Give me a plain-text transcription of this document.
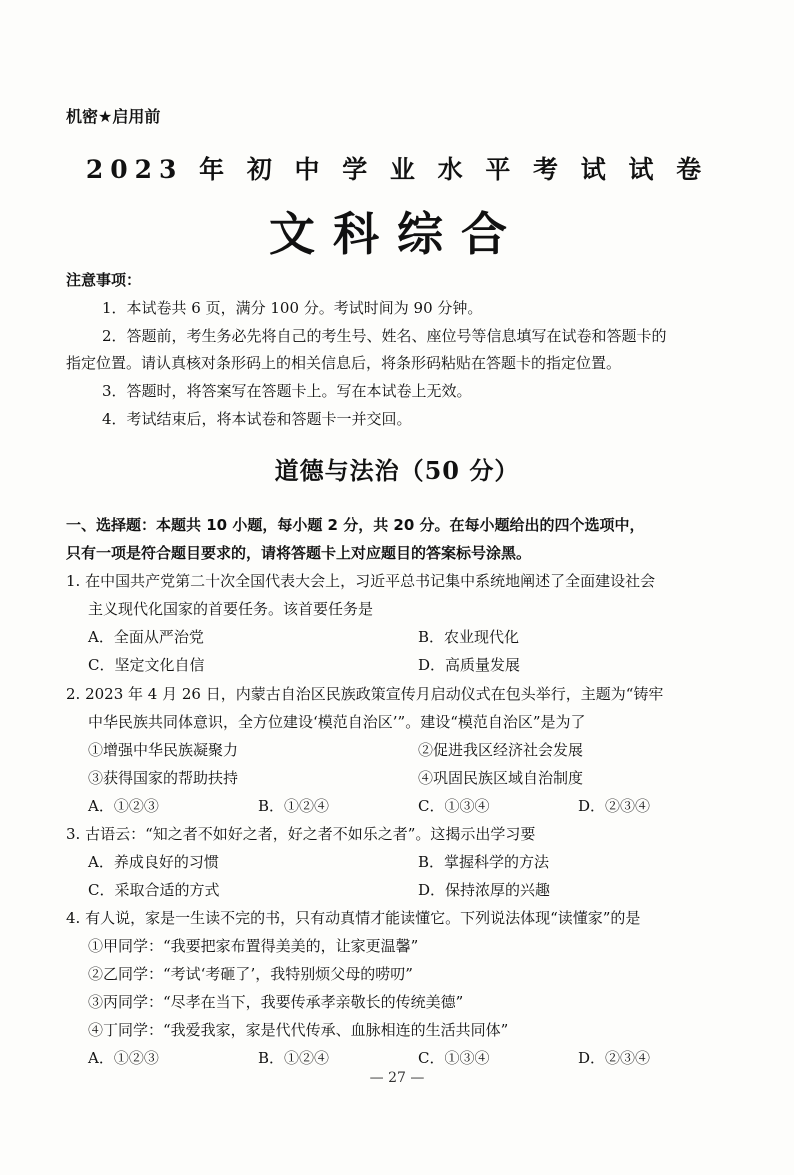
机密★启用前
2023 年 初 中 学 业 水 平 考 试 试 卷
文科综合
注意事项：
1．本试卷共 6 页，满分 100 分。考试时间为 90 分钟。
2．答题前，考生务必先将自己的考生号、姓名、座位号等信息填写在试卷和答题卡的
指定位置。请认真核对条形码上的相关信息后，将条形码粘贴在答题卡的指定位置。
3．答题时，将答案写在答题卡上。写在本试卷上无效。
4．考试结束后，将本试卷和答题卡一并交回。
道德与法治（50 分）
一、选择题：本题共 10 小题，每小题 2 分，共 20 分。在每小题给出的四个选项中，
只有一项是符合题目要求的，请将答题卡上对应题目的答案标号涂黑。
1. 在中国共产党第二十次全国代表大会上，习近平总书记集中系统地阐述了全面建设社会
主义现代化国家的首要任务。该首要任务是
A．全面从严治党	B．农业现代化
C．坚定文化自信	D．高质量发展
2. 2023 年 4 月 26 日，内蒙古自治区民族政策宣传月启动仪式在包头举行，主题为“铸牢
中华民族共同体意识，全方位建设‘模范自治区’”。建设“模范自治区”是为了
①增强中华民族凝聚力	②促进我区经济社会发展
③获得国家的帮助扶持	④巩固民族区域自治制度
A．①②③	B．①②④	C．①③④	D．②③④
3. 古语云：“知之者不如好之者，好之者不如乐之者”。这揭示出学习要
A．养成良好的习惯	B．掌握科学的方法
C．采取合适的方式	D．保持浓厚的兴趣
4. 有人说，家是一生读不完的书，只有动真情才能读懂它。下列说法体现“读懂家”的是
①甲同学：“我要把家布置得美美的，让家更温馨”
②乙同学：“考试‘考砸了’，我特别烦父母的唠叨”
③丙同学：“尽孝在当下，我要传承孝亲敬长的传统美德”
④丁同学：“我爱我家，家是代代传承、血脉相连的生活共同体”
A．①②③	B．①②④	C．①③④	D．②③④
— 27 —
